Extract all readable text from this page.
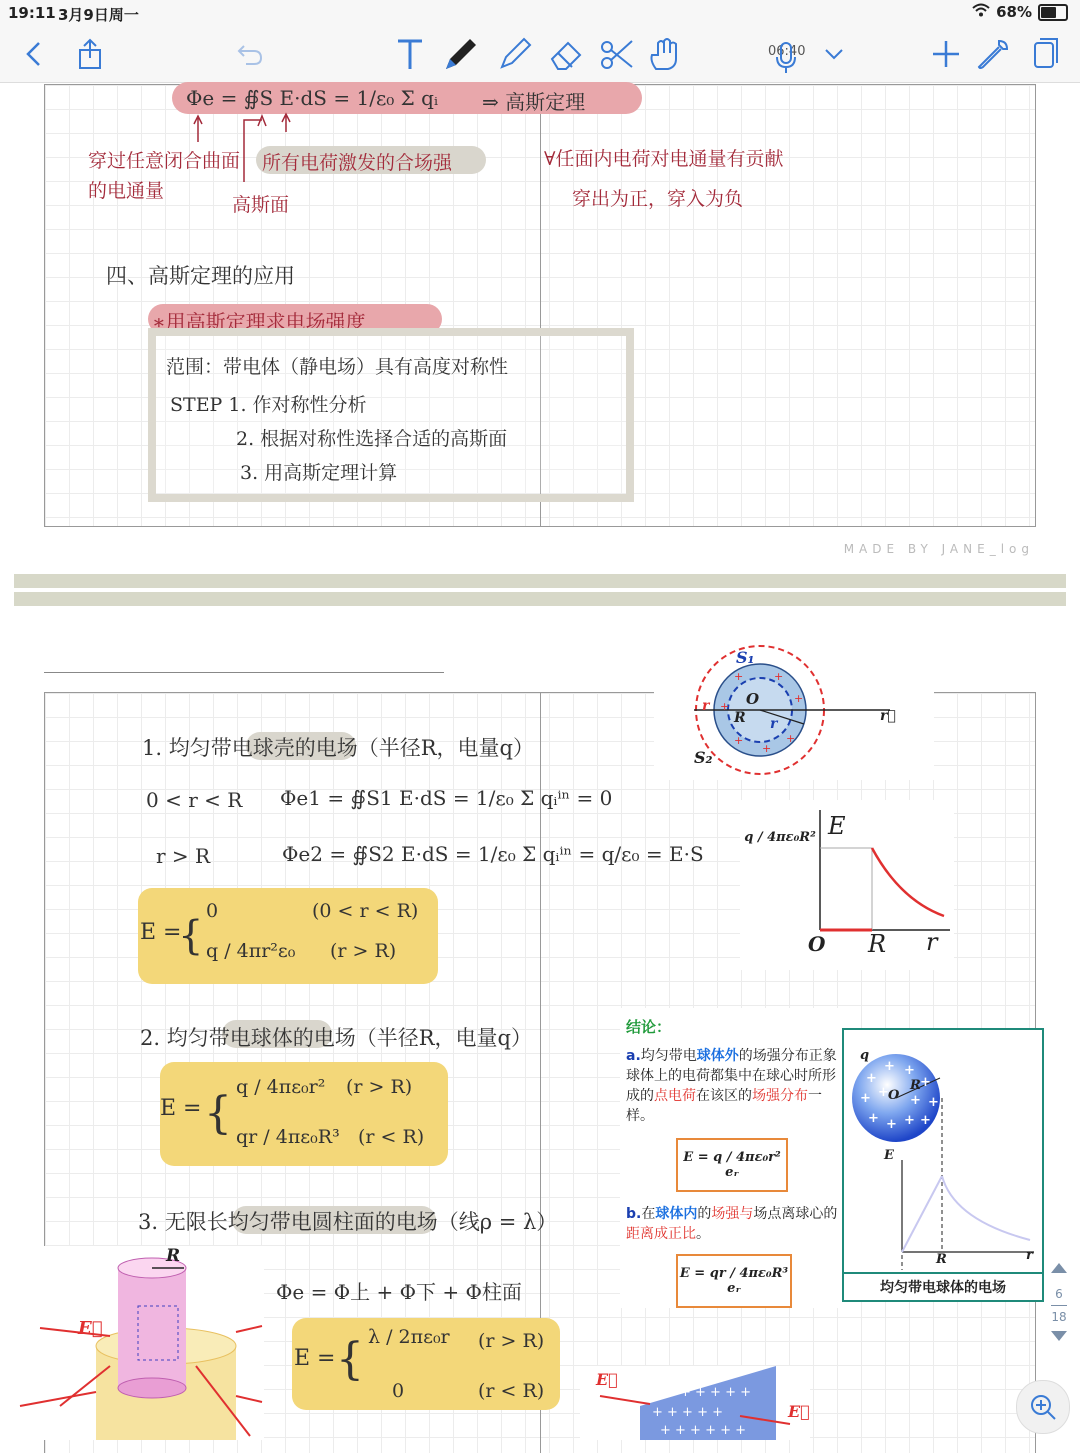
19:11 3月9日周一	68%
06:40
Φe = ∯S E·dS = 1/ε₀ Σ qᵢ ⇒ 高斯定理
穿过任意闭合曲面的电通量
所有电荷激发的合场强
高斯面
∀任面内电荷对电通量有贡献
穿出为正，穿入为负
四、高斯定理的应用
∗用高斯定理求电场强度
范围：带电体（静电场）具有高度对称性
STEP 1. 作对称性分析
2. 根据对称性选择合适的高斯面
3. 用高斯定理计算
MADE BY JANE_log
+	+
+
+
+
+
+
S₁
S₂
O
R r
r
r⃗
1. 均匀带电球壳的电场（半径R，电量q）
0 < r < R Φe1 = ∯S1 E·dS = 1/ε₀ Σ qᵢⁱⁿ = 0
r > R	Φe2 = ∯S2 E·dS = 1/ε₀ Σ qᵢⁱⁿ = q/ε₀ = E·S
E =
{
0	(0 < r < R)
q / 4πr²ε₀ (r > R)
E
r
O R
q / 4πε₀R²
2. 均匀带电球体的电场（半径R，电量q）
E = {
q / 4πε₀r² (r > R)
qr / 4πε₀R³ (r < R)
结论：
a.均匀带电球体外的场强分布正象球体上的电荷都集中在球心时所形成的点电荷在该区的场强分布一样。
E = q / 4πε₀r² eᵣ
b.在球体内的场强与场点离球心的距离成正比。
E = qr / 4πε₀R³ eᵣ
+
+ +
+
+ +
+ +
+ + + +
q
O
R
E
R	r
均匀带电球体的电场
3. 无限长均匀带电圆柱面的电场（线ρ = λ）
Φe = Φ上 + Φ下 + Φ柱面
E = { λ / 2πε₀r (r > R)
0	(r < R)
R
E⃗
+ + + + +
+ + + + +
+ + + + + +
E⃗
E⃗
6
18
